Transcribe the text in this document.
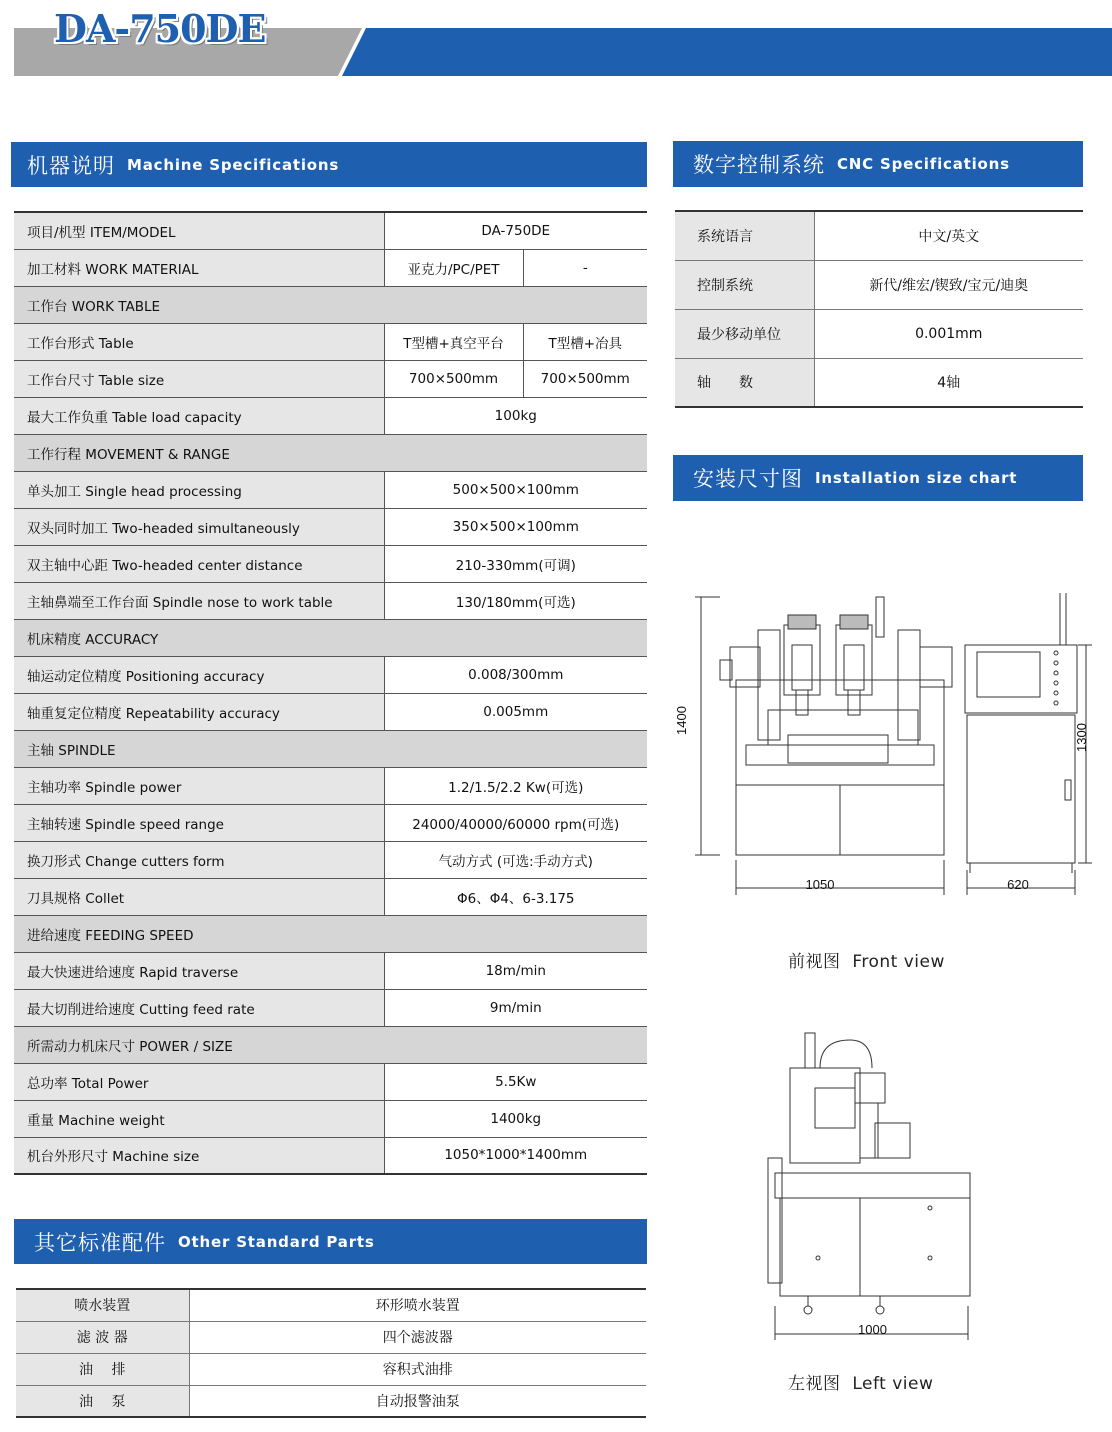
DA-750DE
机器说明 Machine Specifications
项目/机型 ITEM/MODEL	DA-750DE	
加工材料 WORK MATERIAL	亚克力/PC/PET	-
工作台 WORK TABLE		
工作台形式 Table	T型槽+真空平台	T型槽+冶具
工作台尺寸 Table size	700×500mm	700×500mm
最大工作负重 Table load capacity	100kg	
工作行程 MOVEMENT & RANGE		
单头加工 Single head processing	500×500×100mm	
双头同时加工 Two-headed simultaneously	350×500×100mm	
双主轴中心距 Two-headed center distance	210-330mm(可调)	
主轴鼻端至工作台面 Spindle nose to work table	130/180mm(可选)	
机床精度 ACCURACY		
轴运动定位精度 Positioning accuracy	0.008/300mm	
轴重复定位精度 Repeatability accuracy	0.005mm	
主轴 SPINDLE		
主轴功率 Spindle power	1.2/1.5/2.2 Kw(可选)	
主轴转速 Spindle speed range	24000/40000/60000 rpm(可选)	
换刀形式 Change cutters form	气动方式 (可选:手动方式)	
刀具规格 Collet	Φ6、Φ4、6-3.175	
进给速度 FEEDING SPEED		
最大快速进给速度 Rapid traverse	18m/min	
最大切削进给速度 Cutting feed rate	9m/min	
所需动力机床尺寸 POWER / SIZE		
总功率 Total Power	5.5Kw	
重量 Machine weight	1400kg	
机台外形尺寸 Machine size	1050*1000*1400mm	
数字控制系统 CNC Specifications
系统语言	中文/英文
控制系统	新代/维宏/锲致/宝元/迪奥
最少移动单位	0.001mm
轴　　数	4轴
安装尺寸图 Installation size chart
1400
1300
1050	620
前视图 Front view
1000
左视图 Left view
其它标准配件 Other Standard Parts
喷水装置	环形喷水装置
滤 波 器	四个滤波器
油　 排	容积式油排
油　 泵	自动报警油泵
